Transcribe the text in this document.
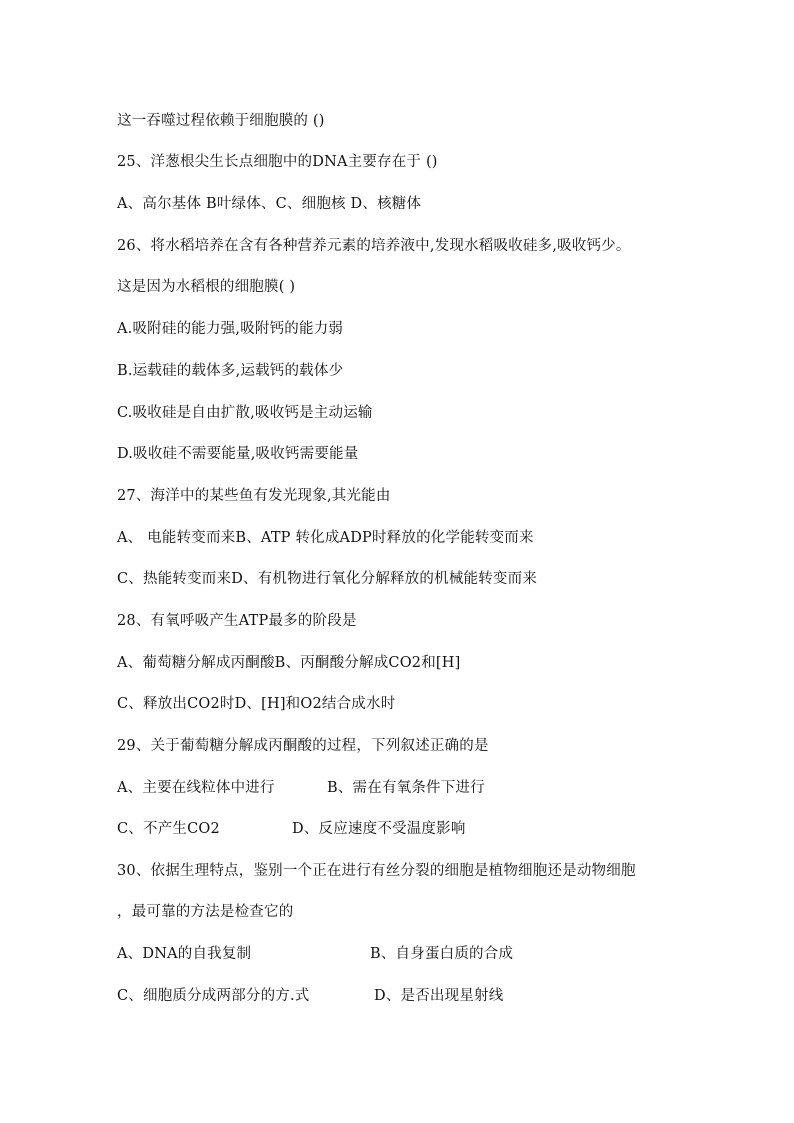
这一吞噬过程依赖于细胞膜的 ()
25、洋葱根尖生长点细胞中的DNA主要存在于 ()
A、高尔基体 B叶绿体、C、细胞核 D、核糖体
26、将水稻培养在含有各种营养元素的培养液中,发现水稻吸收硅多,吸收钙少。
这是因为水稻根的细胞膜( )
A.吸附硅的能力强,吸附钙的能力弱
B.运载硅的载体多,运载钙的载体少
C.吸收硅是自由扩散,吸收钙是主动运输
D.吸收硅不需要能量,吸收钙需要能量
27、海洋中的某些鱼有发光现象,其光能由
A、 电能转变而来B、ATP 转化成ADP时释放的化学能转变而来
C、热能转变而来D、有机物进行氧化分解释放的机械能转变而来
28、有氧呼吸产生ATP最多的阶段是
A、葡萄糖分解成丙酮酸B、丙酮酸分解成CO2和[H]
C、释放出CO2时D、[H]和O2结合成水时
29、关于葡萄糖分解成丙酮酸的过程，下列叙述正确的是
A、主要在线粒体中进行	B、需在有氧条件下进行
C、不产生CO2	D、反应速度不受温度影响
30、依据生理特点，鉴别一个正在进行有丝分裂的细胞是植物细胞还是动物细胞
，最可靠的方法是检查它的
A、DNA的自我复制	B、自身蛋白质的合成
C、细胞质分成两部分的方.式	D、是否出现星射线
